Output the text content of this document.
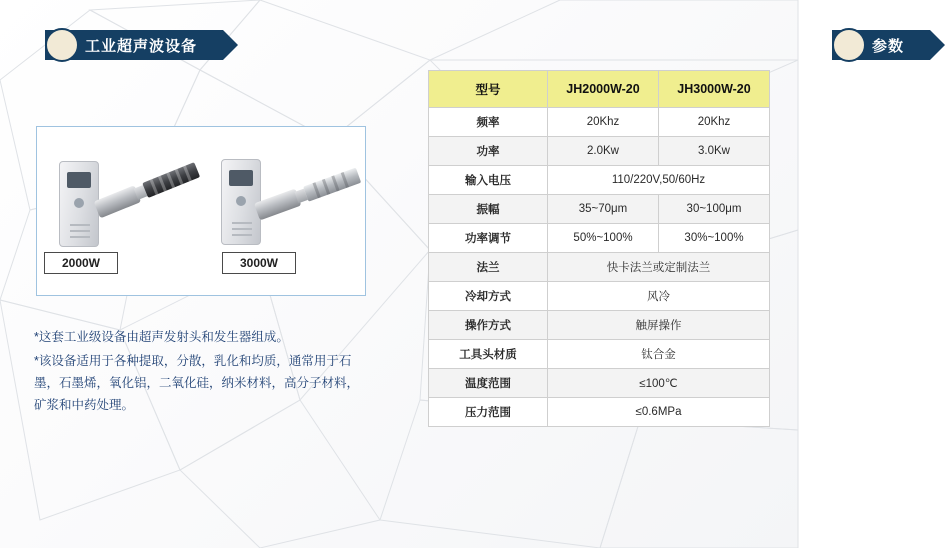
工业超声波设备
2000W	3000W

*这套工业级设备由超声发射头和发生器组成。

*该设备适用于各种提取，分散，乳化和均质，通常用于石墨，石墨烯，氧化铝，二氧化硅，纳米材料，高分子材料，矿浆和中药处理。

参数
型号	JH2000W-20	JH3000W-20
频率	20Khz	20Khz
功率	2.0Kw	3.0Kw
输入电压	110/220V,50/60Hz	
振幅	35~70μm	30~100μm
功率调节	50%~100%	30%~100%
法兰	快卡法兰或定制法兰	
冷却方式	风冷	
操作方式	触屏操作	
工具头材质	钛合金	
温度范围	≤100℃	
压力范围	≤0.6MPa	
